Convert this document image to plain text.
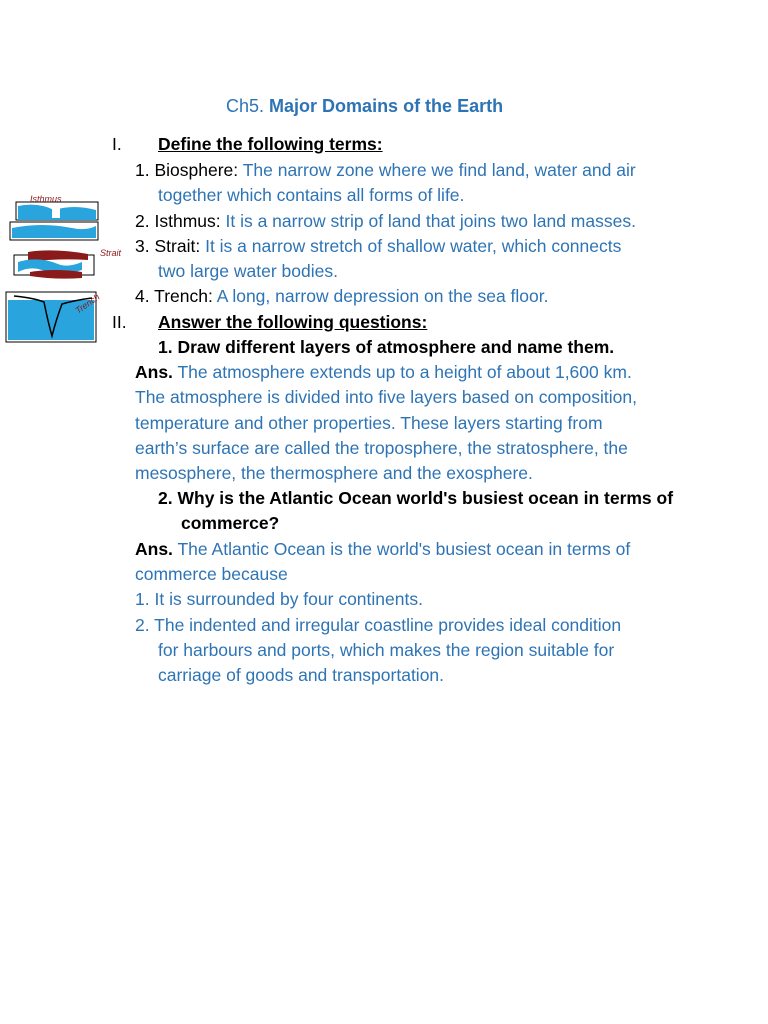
Ch5. Major Domains of the Earth
I. Define the following terms:
1. Biosphere: The narrow zone where we find land, water and air
together which contains all forms of life.
2. Isthmus: It is a narrow strip of land that joins two land masses.
3. Strait: It is a narrow stretch of shallow water, which connects
two large water bodies.
4. Trench: A long, narrow depression on the sea floor.
II. Answer the following questions:
1. Draw different layers of atmosphere and name them.
Ans. The atmosphere extends up to a height of about 1,600 km.
The atmosphere is divided into five layers based on composition,
temperature and other properties. These layers starting from
earth’s surface are called the troposphere, the stratosphere, the
mesosphere, the thermosphere and the exosphere.
2. Why is the Atlantic Ocean world's busiest ocean in terms of
commerce?
Ans. The Atlantic Ocean is the world's busiest ocean in terms of
commerce because
1. It is surrounded by four continents.
2. The indented and irregular coastline provides ideal condition
for harbours and ports, which makes the region suitable for
carriage of goods and transportation.
Isthmus
Strait
Trench
